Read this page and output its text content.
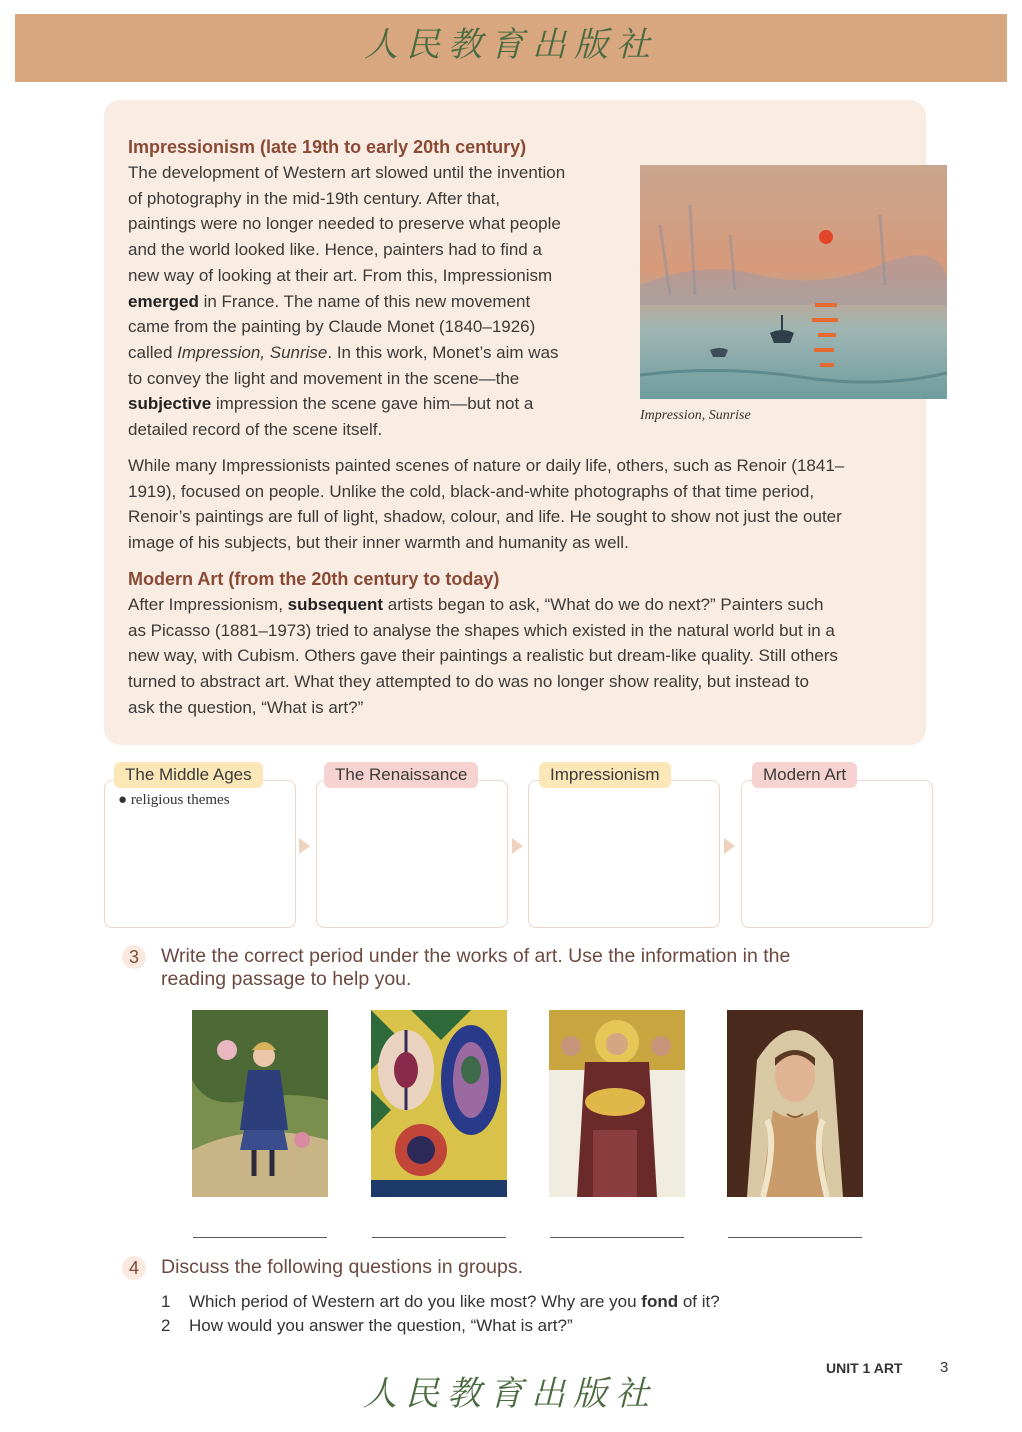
人民教育出版社
Impressionism (late 19th to early 20th century)
The development of Western art slowed until the invention
of photography in the mid-19th century. After that,
paintings were no longer needed to preserve what people
and the world looked like. Hence, painters had to find a
new way of looking at their art. From this, Impressionism
emerged in France. The name of this new movement
came from the painting by Claude Monet (1840–1926)
called Impression, Sunrise. In this work, Monet’s aim was
to convey the light and movement in the scene—the
subjective impression the scene gave him—but not a
detailed record of the scene itself.
Impression, Sunrise
While many Impressionists painted scenes of nature or daily life, others, such as Renoir (1841–
1919), focused on people. Unlike the cold, black-and-white photographs of that time period,
Renoir’s paintings are full of light, shadow, colour, and life. He sought to show not just the outer
image of his subjects, but their inner warmth and humanity as well.
Modern Art (from the 20th century to today)
After Impressionism, subsequent artists began to ask, “What do we do next?” Painters such
as Picasso (1881–1973) tried to analyse the shapes which existed in the natural world but in a
new way, with Cubism. Others gave their paintings a realistic but dream-like quality. Still others
turned to abstract art. What they attempted to do was no longer show reality, but instead to
ask the question, “What is art?”
The Middle Ages	The Renaissance	Impressionism	Modern Art
● religious themes
3	Write the correct period under the works of art. Use the information in the
reading passage to help you.
4	Discuss the following questions in groups.
1 Which period of Western art do you like most? Why are you fond of it?
2 How would you answer the question, “What is art?”
UNIT 1 ART	3
人民教育出版社
